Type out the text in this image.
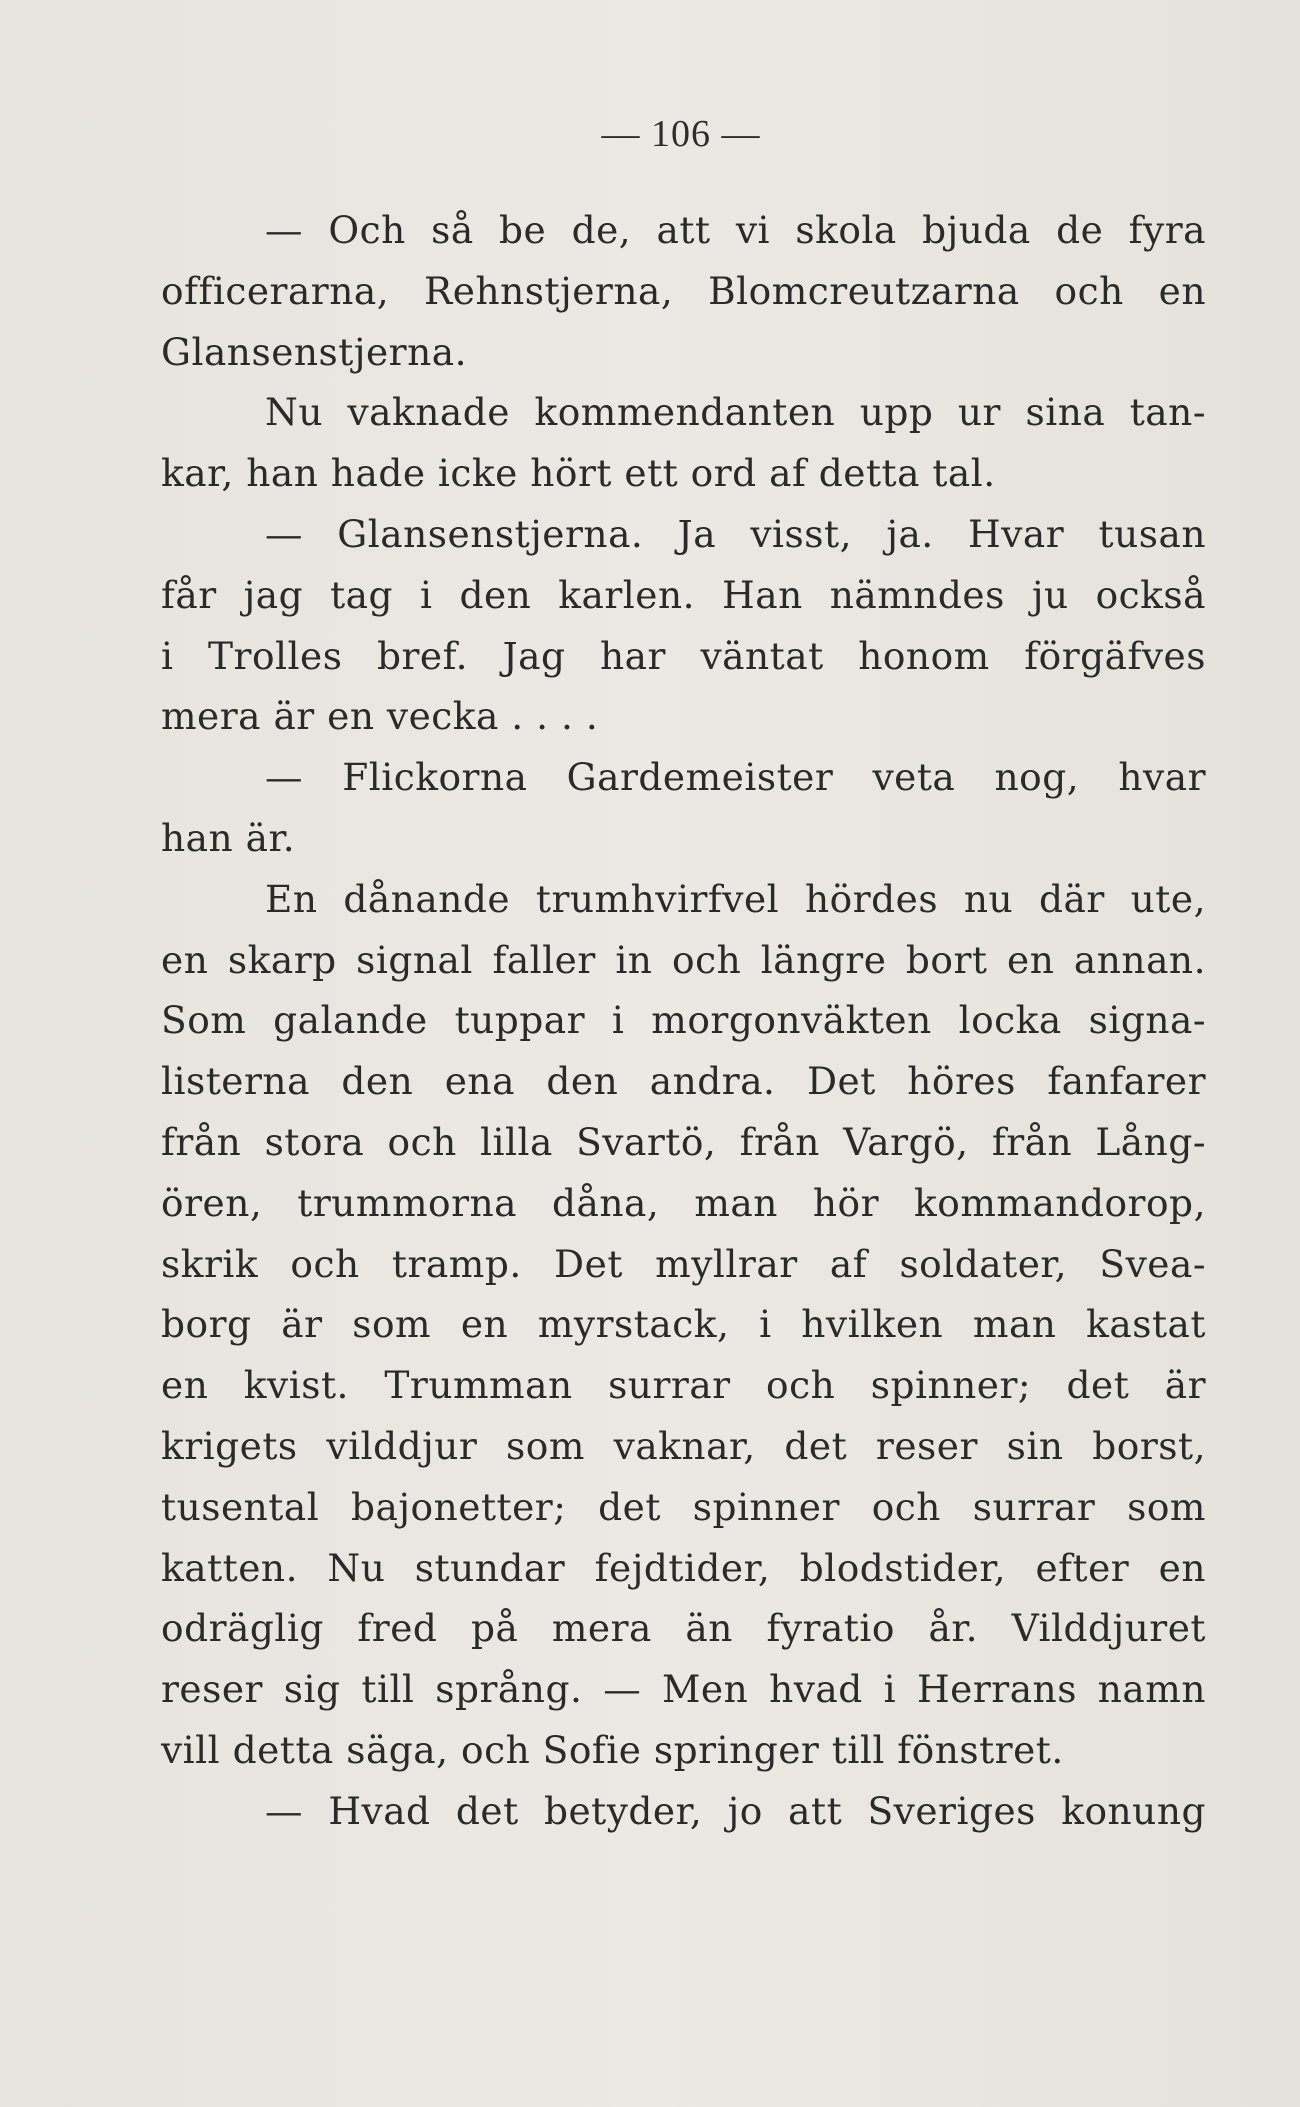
— 106 —
— Och så be de, att vi skola bjuda de fyra
officerarna, Rehnstjerna, Blomcreutzarna och en
Glansenstjerna.
Nu vaknade kommendanten upp ur sina tan-
kar, han hade icke hört ett ord af detta tal.
— Glansenstjerna. Ja visst, ja. Hvar tusan
får jag tag i den karlen. Han nämndes ju också
i Trolles bref. Jag har väntat honom förgäfves
mera är en vecka . . . .
— Flickorna Gardemeister veta nog, hvar
han är.
En dånande trumhvirfvel hördes nu där ute,
en skarp signal faller in och längre bort en annan.
Som galande tuppar i morgonväkten locka signa-
listerna den ena den andra. Det höres fanfarer
från stora och lilla Svartö, från Vargö, från Lång-
ören, trummorna dåna, man hör kommandorop,
skrik och tramp. Det myllrar af soldater, Svea-
borg är som en myrstack, i hvilken man kastat
en kvist. Trumman surrar och spinner; det är
krigets vilddjur som vaknar, det reser sin borst,
tusental bajonetter; det spinner och surrar som
katten. Nu stundar fejdtider, blodstider, efter en
odräglig fred på mera än fyratio år. Vilddjuret
reser sig till språng. — Men hvad i Herrans namn
vill detta säga, och Sofie springer till fönstret.
— Hvad det betyder, jo att Sveriges konung
